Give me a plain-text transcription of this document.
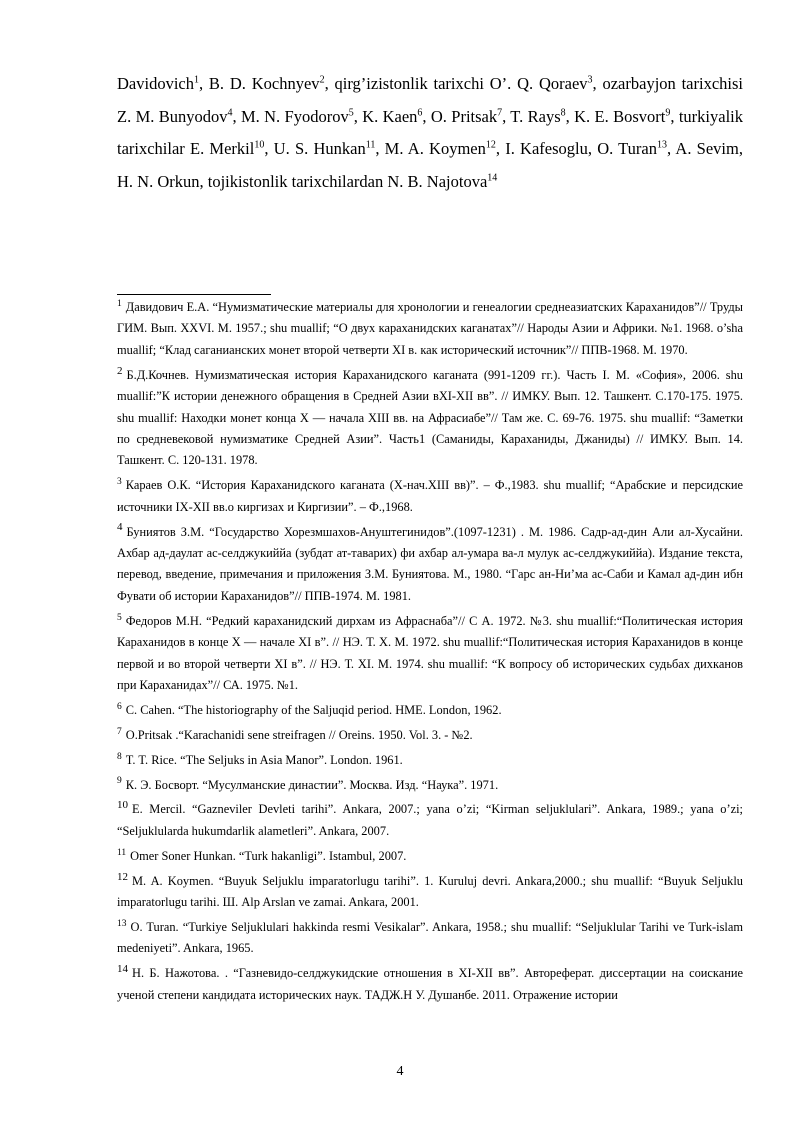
Davidovich$^1$, B. D. Kochnyev$^2$, qirg’izistonlik tarixchi O’. Q. Qoraev$^3$, ozarbayjon tarixchisi Z. M. Bunyodov$^4$, M. N. Fyodorov$^5$, K. Kaen$^6$, O. Pritsak$^7$, T. Rays$^8$, K. E. Bosvort$^9$, turkiyalik tarixchilar E. Merkil$^{10}$, U. S. Hunkan$^{11}$, M. A. Koymen$^{12}$, I. Kafesoglu, O. Turan$^{13}$, A. Sevim, H. N. Orkun, tojikistonlik tarixchilardan N. B. Najotova$^{14}$

$^1$ Давидович Е.А. “Нумизматические материалы для хронологии и генеалогии среднеазиатских Караханидов”// Труды ГИМ. Вып. XXVI. М. 1957.; shu muallif; “О двух караханидских каганатах”// Народы Азии и Африки. №1. 1968. o’sha muallif; “Клад саганианских монет второй четверти XI в. как исторический источник”// ППВ-1968. М. 1970.

2 Б.Д.Кочнев. Нумизматическая история Караханидского каганата (991-1209 гг.). Часть I. М. «София», 2006. shu muallif:”К истории денежного обращения в Средней Азии вXI-XII вв”. // ИМКУ. Вып. 12. Ташкент. С.170-175. 1975. shu muallif: Находки монет конца X — начала XIII вв. на Афрасиабе”// Там же. С. 69-76. 1975. shu muallif: “Заметки по средневековой нумизматике Средней Азии”. Часть1 (Саманиды, Караханиды, Джаниды) // ИМКУ. Вып. 14. Ташкент. С. 120-131. 1978.

$^3$ Караев О.К. “История Караханидского каганата (X-нач.XIII вв)”. – Ф.,1983. shu muallif; “Арабские и персидские источники IX-XII вв.о киргизах и Киргизии”. – Ф.,1968.

4 Буниятов З.М. “Государство Хорезмшахов-Ануштегинидов”.(1097-1231) . М. 1986. Садр-ад-дин Али ал-Хусайни. Ахбар ад-даулат ас-селджукиййа (зубдат ат-таварих) фи ахбар ал-умара ва-л мулук ас-селджукиййа). Издание текста, перевод, введение, примечания и приложения З.М. Буниятова. М., 1980. “Гарс ан-Ни’ма ас-Саби и Камал ад-дин ибн Фувати об истории Караханидов”// ППВ-1974. М. 1981.

$^5$ Федоров М.Н. “Редкий караханидский дирхам из Афраснаба”// С А. 1972. №3. shu muallif:“Политическая история Караханидов в конце X — начале XI в”. // НЭ. Т. X. М. 1972. shu muallif:“Политическая история Караханидов в конце первой и во второй четверти XI в”. // НЭ. Т. XI. М. 1974. shu muallif: “К вопросу об исторических судьбах дихканов при Караханидах”// СА. 1975. №1.

$^6$ C. Cahen. “The historiography of the Saljuqid period. HME. London, 1962.

$^7$ O.Pritsak .“Karachanidi sene streifragen // Oreins. 1950. Vol. 3. - №2.

$^8$ T. T. Rice. “The Seljuks in Asia Manor”. London. 1961.

$^9$ К. Э. Босворт. “Мусулманские династии”. Москва. Изд. “Наука”. 1971.

10 E. Mercil. “Gazneviler Devleti tarihi”. Ankara, 2007.; yana o’zi; “Kirman seljuklulari”. Ankara, 1989.; yana o’zi; “Seljuklularda hukumdarlik alametleri”. Ankara, 2007.

$^{11}$ Omer Soner Hunkan. “Turk hakanligi”. Istambul, 2007.

12 M. A. Koymen. “Buyuk Seljuklu imparatorlugu tarihi”. 1. Kuruluj devri. Ankara,2000.; shu muallif: “Buyuk Seljuklu imparatorlugu tarihi. Ш. Alp Arslan ve zamai. Ankara, 2001.

$^{13}$ O. Turan. “Turkiye Seljuklulari hakkinda resmi Vesikalar”. Ankara, 1958.; shu muallif: “Seljuklular Tarihi ve Turk-islam medeniyeti”. Ankara, 1965.

14 Н. Б. Нажотова. . “Газневидо-селджукидские отношения в XI-XII вв”. Автореферат. диссертации на соискание ученой степени кандидата исторических наук. ТАДЖ.Н У. Душанбе. 2011. Отражение истории

4
